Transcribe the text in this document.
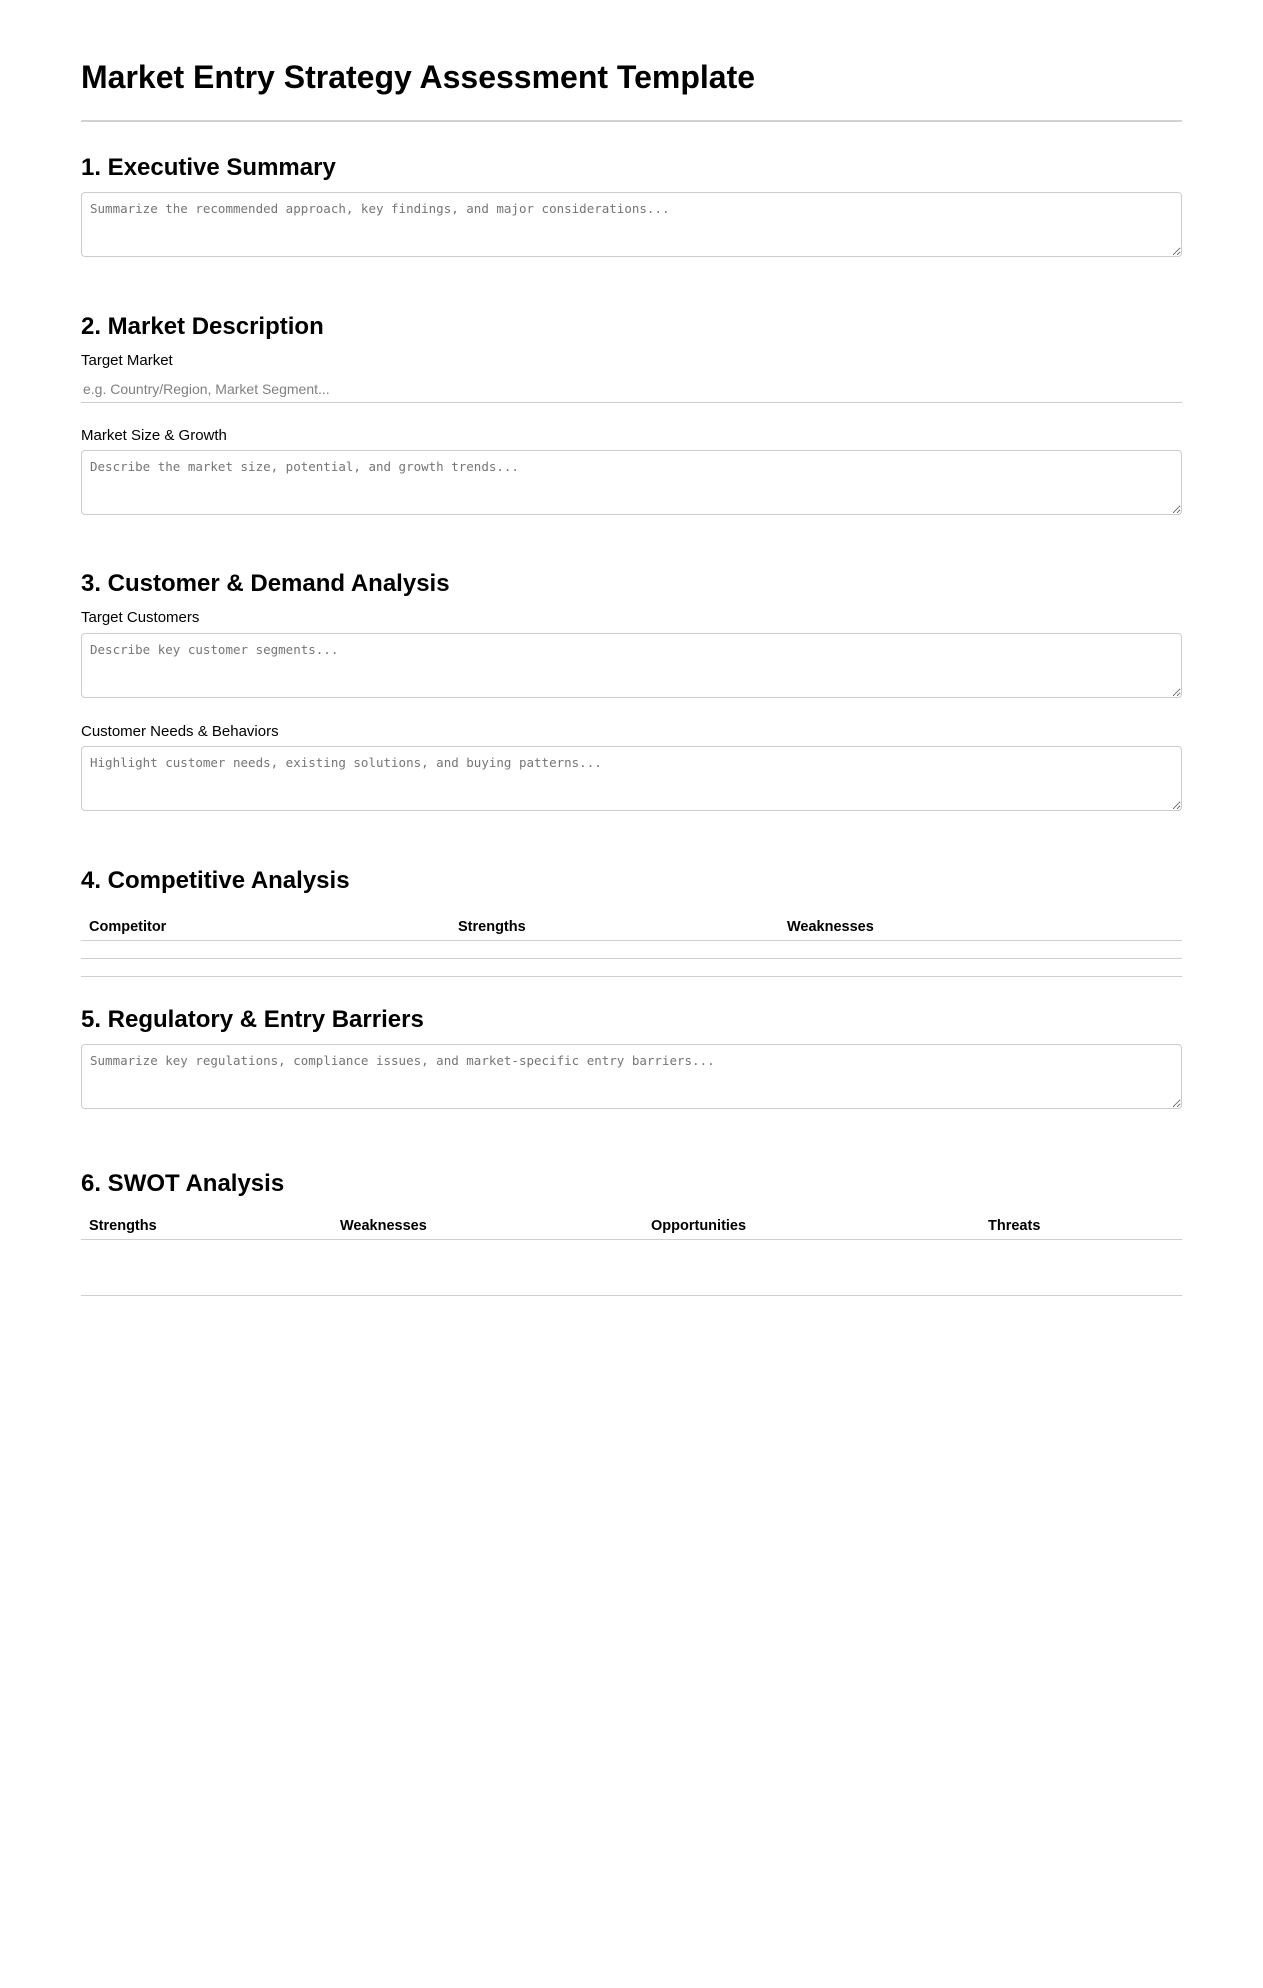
Market Entry Strategy Assessment Template
1. Executive Summary
Summarize the recommended approach, key findings, and major considerations...
2. Market Description
Target Market
e.g. Country/Region, Market Segment...
Market Size & Growth
Describe the market size, potential, and growth trends...
3. Customer & Demand Analysis
Target Customers
Describe key customer segments...
Customer Needs & Behaviors
Highlight customer needs, existing solutions, and buying patterns...
4. Competitive Analysis
Competitor	Strengths	Weaknesses

5. Regulatory & Entry Barriers
Summarize key regulations, compliance issues, and market-specific entry barriers...
6. SWOT Analysis
Strengths	Weaknesses	Opportunities	Threats
